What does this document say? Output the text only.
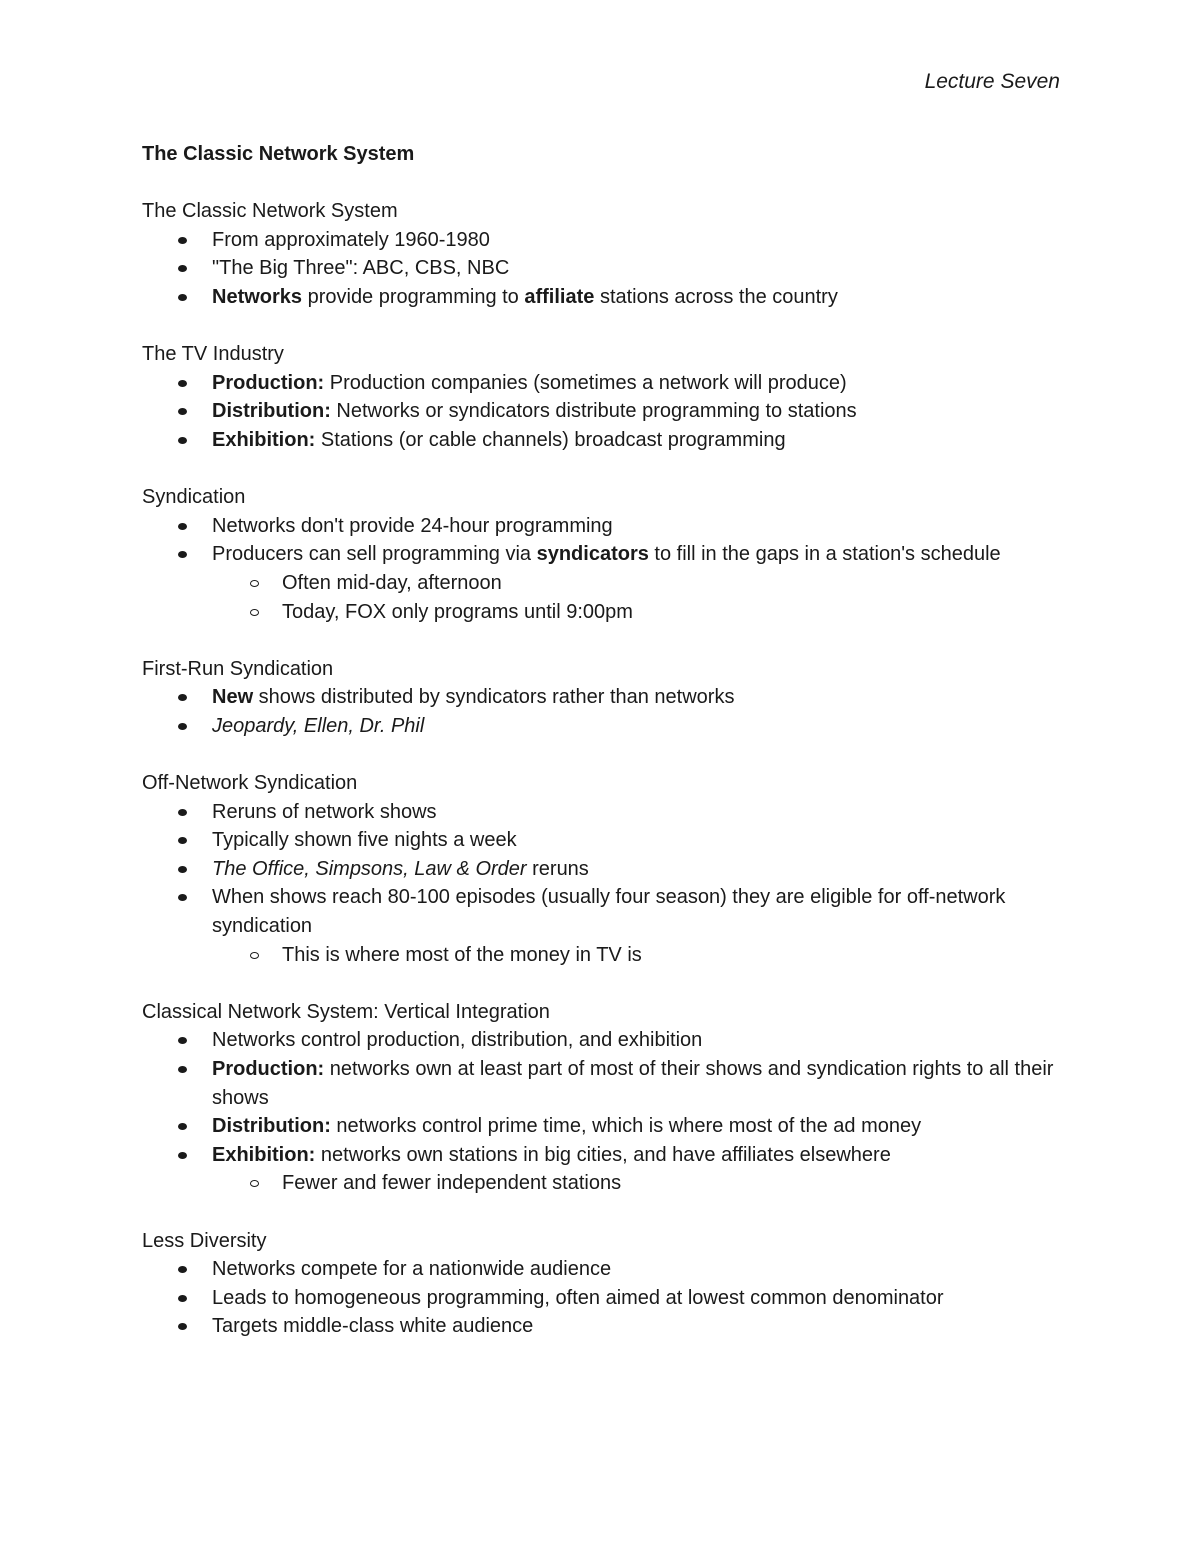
Lecture Seven
The Classic Network System
The Classic Network System
From approximately 1960-1980
"The Big Three": ABC, CBS, NBC
Networks provide programming to affiliate stations across the country
The TV Industry
Production: Production companies (sometimes a network will produce)
Distribution: Networks or syndicators distribute programming to stations
Exhibition: Stations (or cable channels) broadcast programming
Syndication
Networks don't provide 24-hour programming
Producers can sell programming via syndicators to fill in the gaps in a station's schedule
Often mid-day, afternoon
Today, FOX only programs until 9:00pm
First-Run Syndication
New shows distributed by syndicators rather than networks
Jeopardy, Ellen, Dr. Phil
Off-Network Syndication
Reruns of network shows
Typically shown five nights a week
The Office, Simpsons, Law & Order reruns
When shows reach 80-100 episodes (usually four season) they are eligible for off-network syndication
This is where most of the money in TV is
Classical Network System: Vertical Integration
Networks control production, distribution, and exhibition
Production: networks own at least part of most of their shows and syndication rights to all their shows
Distribution: networks control prime time, which is where most of the ad money
Exhibition: networks own stations in big cities, and have affiliates elsewhere
Fewer and fewer independent stations
Less Diversity
Networks compete for a nationwide audience
Leads to homogeneous programming, often aimed at lowest common denominator
Targets middle-class white audience
